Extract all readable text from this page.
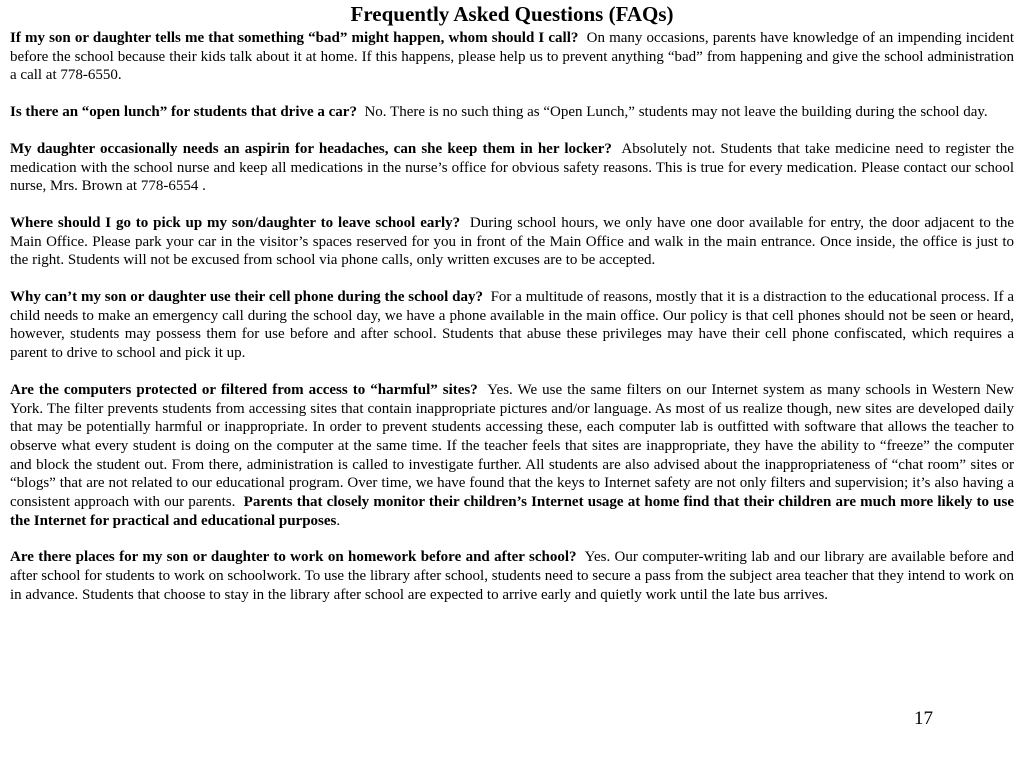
Frequently Asked Questions (FAQs)

If my son or daughter tells me that something “bad” might happen, whom should I call? On many occasions, parents have knowledge of an impending incident before the school because their kids talk about it at home. If this happens, please help us to prevent anything “bad” from happening and give the school administration a call at 778-6550.

Is there an “open lunch” for students that drive a car? No. There is no such thing as “Open Lunch,” students may not leave the building during the school day.

My daughter occasionally needs an aspirin for headaches, can she keep them in her locker? Absolutely not. Students that take medicine need to register the medication with the school nurse and keep all medications in the nurse’s office for obvious safety reasons. This is true for every medication. Please contact our school nurse, Mrs. Brown at 778-6554 .

Where should I go to pick up my son/daughter to leave school early? During school hours, we only have one door available for entry, the door adjacent to the Main Office. Please park your car in the visitor’s spaces reserved for you in front of the Main Office and walk in the main entrance. Once inside, the office is just to the right. Students will not be excused from school via phone calls, only written excuses are to be accepted.

Why can’t my son or daughter use their cell phone during the school day? For a multitude of reasons, mostly that it is a distraction to the educational process. If a child needs to make an emergency call during the school day, we have a phone available in the main office. Our policy is that cell phones should not be seen or heard, however, students may possess them for use before and after school. Students that abuse these privileges may have their cell phone confiscated, which requires a parent to drive to school and pick it up.

Are the computers protected or filtered from access to “harmful” sites? Yes. We use the same filters on our Internet system as many schools in Western New York. The filter prevents students from accessing sites that contain inappropriate pictures and/or language. As most of us realize though, new sites are developed daily that may be potentially harmful or inappropriate. In order to prevent students accessing these, each computer lab is outfitted with software that allows the teacher to observe what every student is doing on the computer at the same time. If the teacher feels that sites are inappropriate, they have the ability to “freeze” the computer and block the student out. From there, administration is called to investigate further. All students are also advised about the inappropriateness of “chat room” sites or “blogs” that are not related to our educational program. Over time, we have found that the keys to Internet safety are not only filters and supervision; it’s also having a consistent approach with our parents. Parents that closely monitor their children’s Internet usage at home find that their children are much more likely to use the Internet for practical and educational purposes.

Are there places for my son or daughter to work on homework before and after school? Yes. Our computer-writing lab and our library are available before and after school for students to work on schoolwork. To use the library after school, students need to secure a pass from the subject area teacher that they intend to work on in advance. Students that choose to stay in the library after school are expected to arrive early and quietly work until the late bus arrives.

17
